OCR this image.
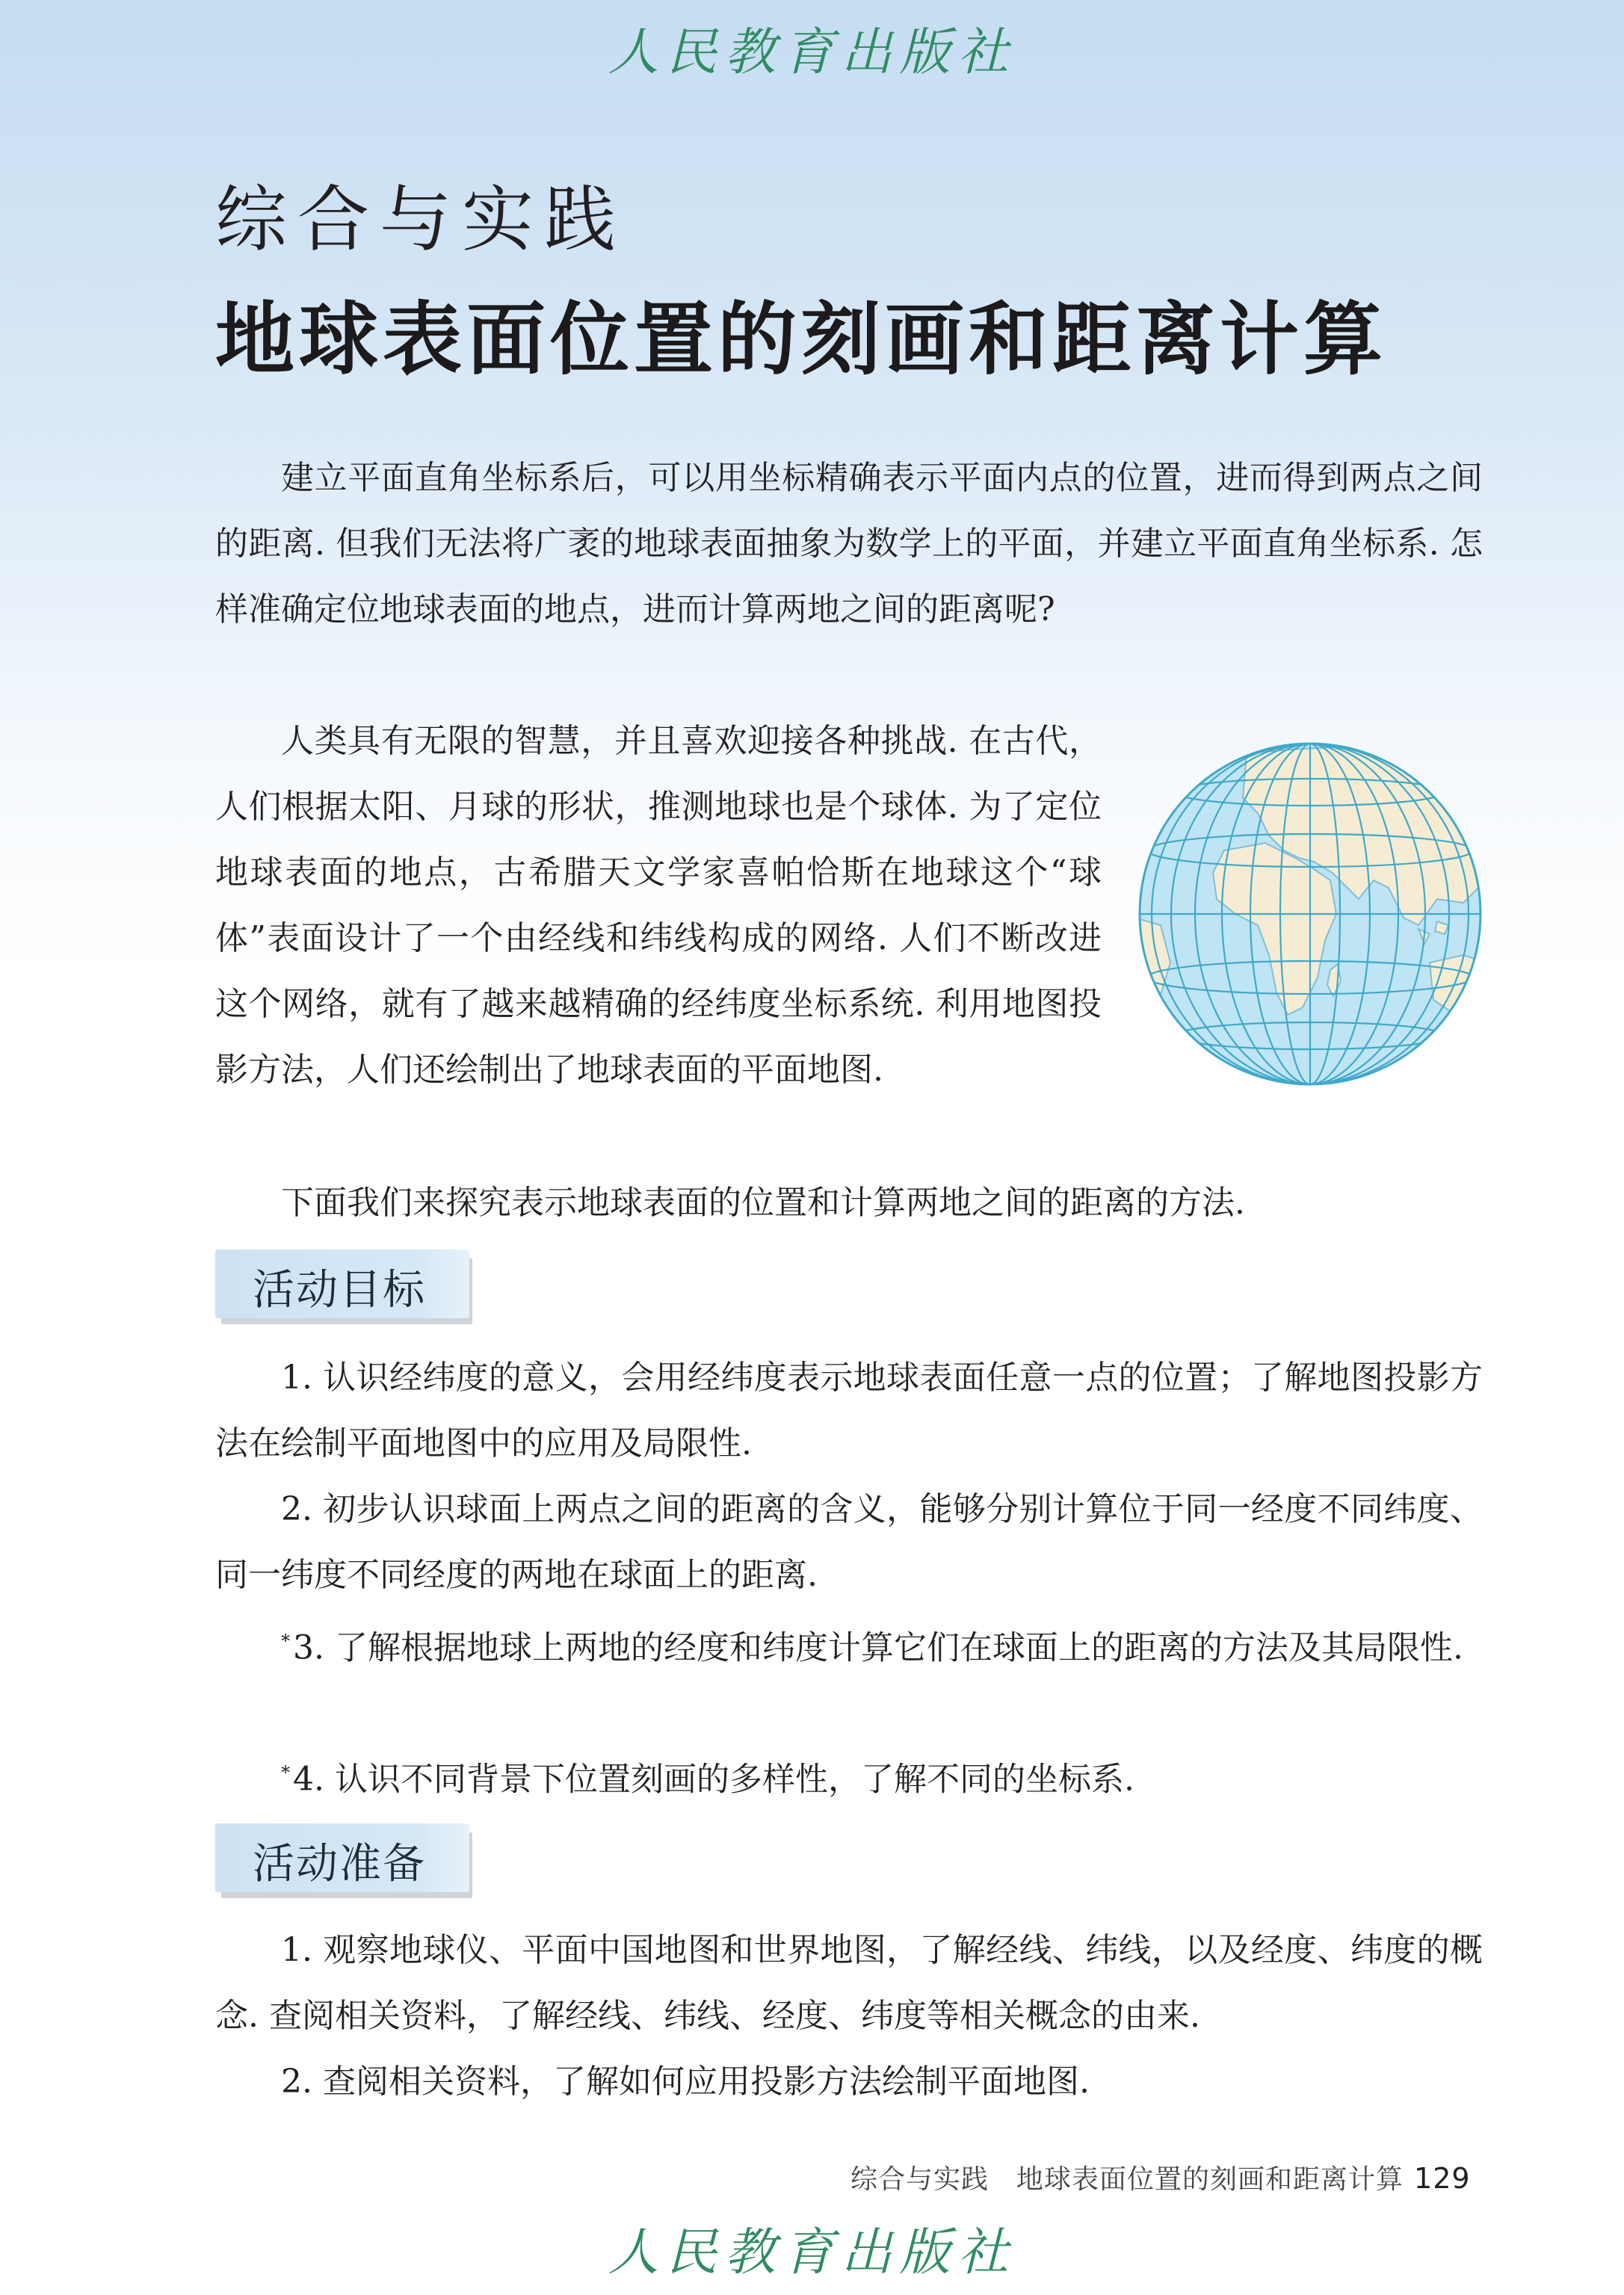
人民教育出版社
综合与实践
地球表面位置的刻画和距离计算

建立平面直角坐标系后，可以用坐标精确表示平面内点的位置，进而得到两点之间的距离. 但我们无法将广袤的地球表面抽象为数学上的平面，并建立平面直角坐标系. 怎样准确定位地球表面的地点，进而计算两地之间的距离呢?

人类具有无限的智慧，并且喜欢迎接各种挑战. 在古代，人们根据太阳、月球的形状，推测地球也是个球体. 为了定位地球表面的地点，古希腊天文学家喜帕恰斯在地球这个“球体”表面设计了一个由经线和纬线构成的网络. 人们不断改进这个网络，就有了越来越精确的经纬度坐标系统. 利用地图投影方法，人们还绘制出了地球表面的平面地图.

下面我们来探究表示地球表面的位置和计算两地之间的距离的方法.

活动目标

1. 认识经纬度的意义，会用经纬度表示地球表面任意一点的位置；了解地图投影方法在绘制平面地图中的应用及局限性.

2. 初步认识球面上两点之间的距离的含义，能够分别计算位于同一经度不同纬度、同一纬度不同经度的两地在球面上的距离.

*3. 了解根据地球上两地的经度和纬度计算它们在球面上的距离的方法及其局限性.

*4. 认识不同背景下位置刻画的多样性，了解不同的坐标系.

活动准备

1. 观察地球仪、平面中国地图和世界地图，了解经线、纬线，以及经度、纬度的概念. 查阅相关资料，了解经线、纬线、经度、纬度等相关概念的由来.

2. 查阅相关资料，了解如何应用投影方法绘制平面地图.

综合与实践　地球表面位置的刻画和距离计算 129
人民教育出版社
